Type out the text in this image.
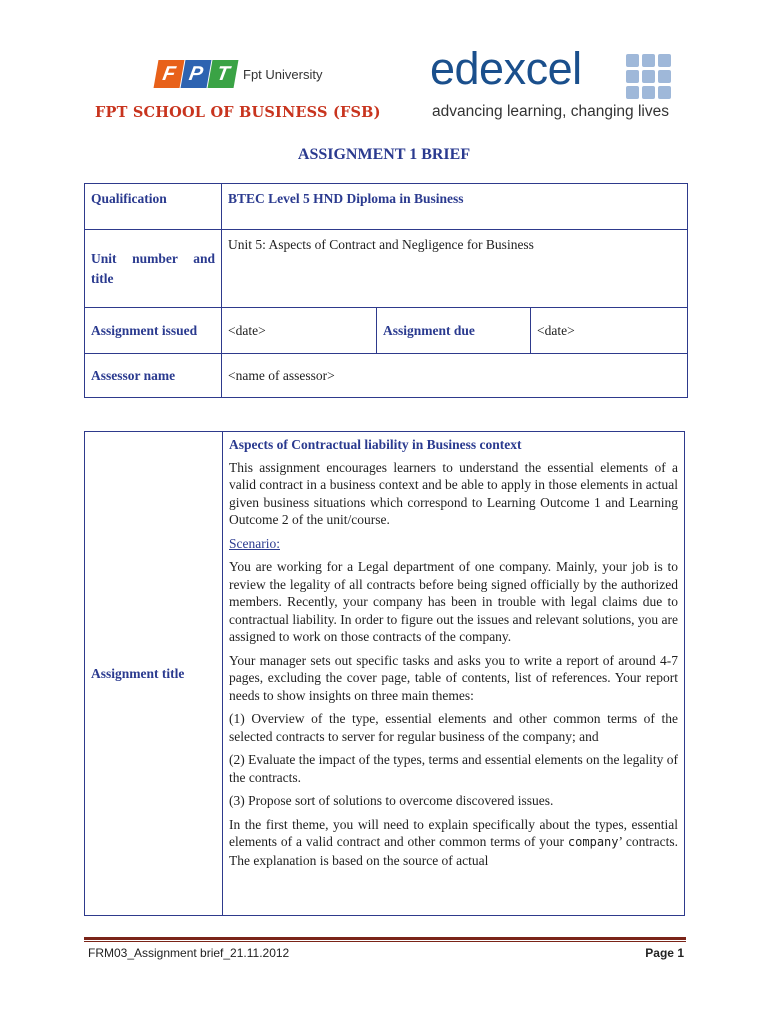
F P T Fpt University
FPT SCHOOL OF BUSINESS (FSB)
edexcel
advancing learning, changing lives
ASSIGNMENT 1 BRIEF
Qualification	BTEC Level 5 HND Diploma in Business		
Unit number and title	Unit 5: Aspects of Contract and Negligence for Business		
Assignment issued	<date>	Assignment due	<date>
Assessor name	<name of assessor>		
Assignment title	

Aspects of Contractual liability in Business context

This assignment encourages learners to understand the essential elements of a valid contract in a business context and be able to apply in those elements in actual given business situations which correspond to Learning Outcome 1 and Learning Outcome 2 of the unit/course.

Scenario:

You are working for a Legal department of one company. Mainly, your job is to review the legality of all contracts before being signed officially by the authorized members. Recently, your company has been in trouble with legal claims due to contractual liability. In order to figure out the issues and relevant solutions, you are assigned to work on those contracts of the company.

Your manager sets out specific tasks and asks you to write a report of around 4-7 pages, excluding the cover page, table of contents, list of references. Your report needs to show insights on three main themes:

(1) Overview of the type, essential elements and other common terms of the selected contracts to server for regular business of the company; and

(2) Evaluate the impact of the types, terms and essential elements on the legality of the contracts.

(3) Propose sort of solutions to overcome discovered issues.

In the first theme, you will need to explain specifically about the types, essential elements of a valid contract and other common terms of your company’ contracts. The explanation is based on the source of actual

FRM03_Assignment brief_21.11.2012	Page 1
